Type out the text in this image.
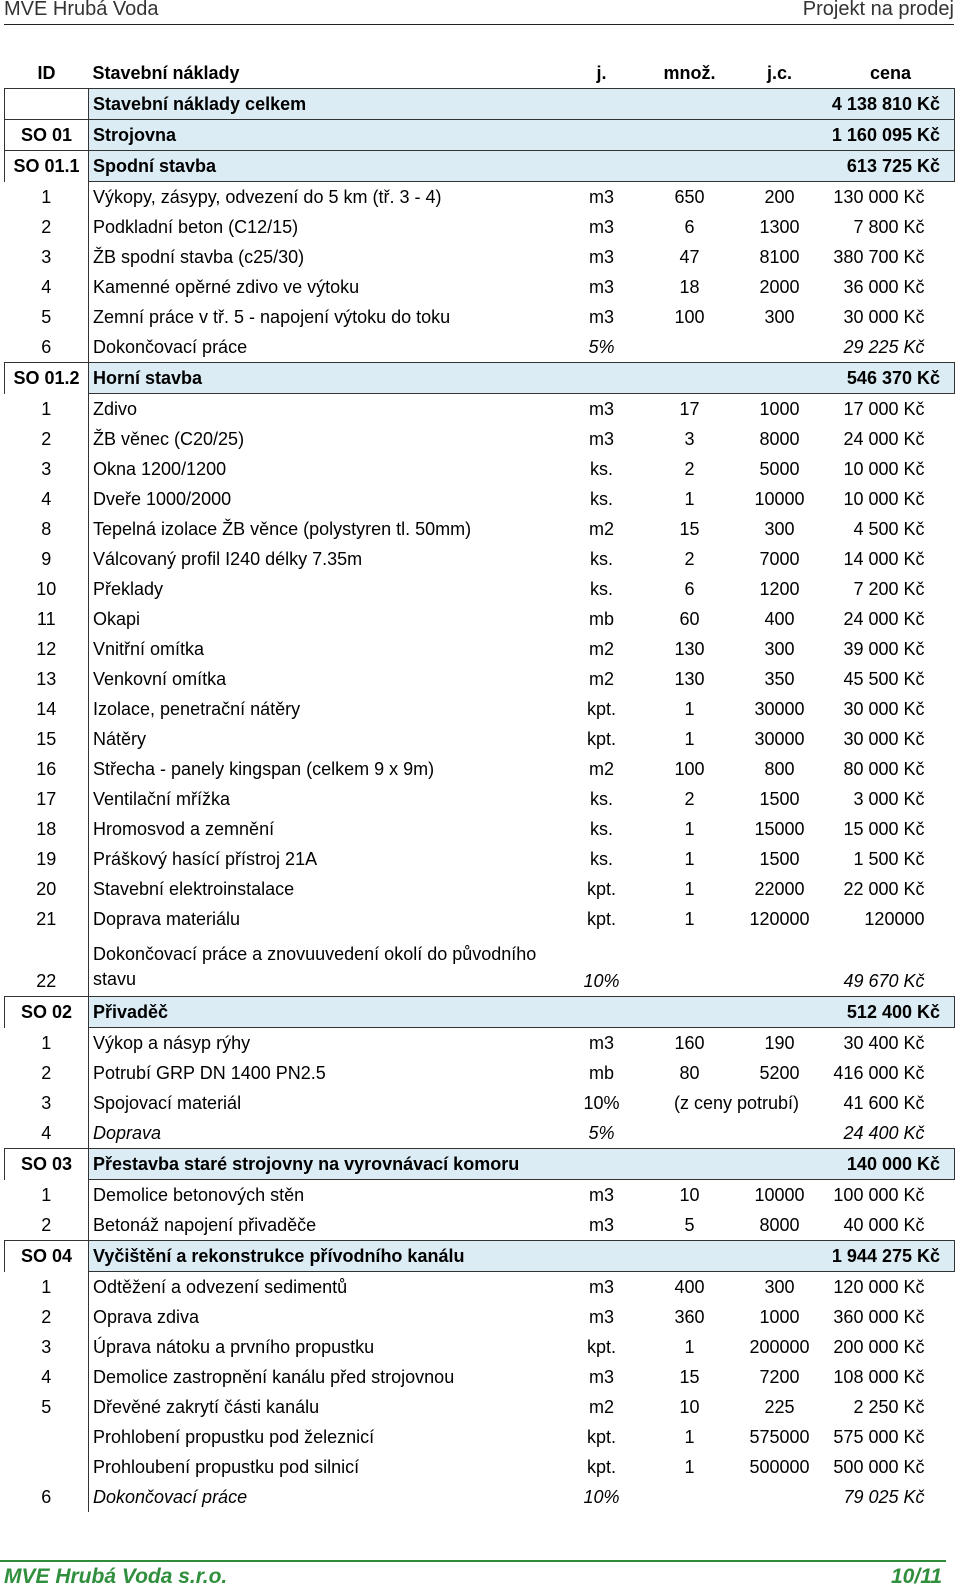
MVE Hrubá Voda	Projekt na prodej
ID	Stavební náklady	j.	množ.	j.c.	cena
	Stavební náklady celkem				4 138 810 Kč
SO 01	Strojovna				1 160 095 Kč
SO 01.1	Spodní stavba				613 725 Kč
1	Výkopy, zásypy, odvezení do 5 km (tř. 3 - 4)	m3	650	200	130 000 Kč
2	Podkladní beton (C12/15)	m3	6	1300	7 800 Kč
3	ŽB spodní stavba (c25/30)	m3	47	8100	380 700 Kč
4	Kamenné opěrné zdivo ve výtoku	m3	18	2000	36 000 Kč
5	Zemní práce v tř. 5 - napojení výtoku do toku	m3	100	300	30 000 Kč
6	Dokončovací práce	5%			29 225 Kč
SO 01.2	Horní stavba				546 370 Kč
1	Zdivo	m3	17	1000	17 000 Kč
2	ŽB věnec (C20/25)	m3	3	8000	24 000 Kč
3	Okna 1200/1200	ks.	2	5000	10 000 Kč
4	Dveře 1000/2000	ks.	1	10000	10 000 Kč
8	Tepelná izolace ŽB věnce (polystyren tl. 50mm)	m2	15	300	4 500 Kč
9	Válcovaný profil I240 délky 7.35m	ks.	2	7000	14 000 Kč
10	Překlady	ks.	6	1200	7 200 Kč
11	Okapi	mb	60	400	24 000 Kč
12	Vnitřní omítka	m2	130	300	39 000 Kč
13	Venkovní omítka	m2	130	350	45 500 Kč
14	Izolace, penetrační nátěry	kpt.	1	30000	30 000 Kč
15	Nátěry	kpt.	1	30000	30 000 Kč
16	Střecha - panely kingspan (celkem 9 x 9m)	m2	100	800	80 000 Kč
17	Ventilační mřížka	ks.	2	1500	3 000 Kč
18	Hromosvod a zemnění	ks.	1	15000	15 000 Kč
19	Práškový hasící přístroj 21A	ks.	1	1500	1 500 Kč
20	Stavební elektroinstalace	kpt.	1	22000	22 000 Kč
21	Doprava materiálu	kpt.	1	120000	120000
22	Dokončovací práce a znovuuvedení okolí do původního stavu	10%			49 670 Kč
SO 02	Přivaděč				512 400 Kč
1	Výkop a násyp rýhy	m3	160	190	30 400 Kč
2	Potrubí GRP DN 1400 PN2.5	mb	80	5200	416 000 Kč
3	Spojovací materiál	10%	(z ceny potrubí)		41 600 Kč
4	Doprava	5%			24 400 Kč
SO 03	Přestavba staré strojovny na vyrovnávací komoru				140 000 Kč
1	Demolice betonových stěn	m3	10	10000	100 000 Kč
2	Betonáž napojení přivaděče	m3	5	8000	40 000 Kč
SO 04	Vyčištění a rekonstrukce přívodního kanálu				1 944 275 Kč
1	Odtěžení a odvezení sedimentů	m3	400	300	120 000 Kč
2	Oprava zdiva	m3	360	1000	360 000 Kč
3	Úprava nátoku a prvního propustku	kpt.	1	200000	200 000 Kč
4	Demolice zastropnění kanálu před strojovnou	m3	15	7200	108 000 Kč
5	Dřevěné zakrytí části kanálu	m2	10	225	2 250 Kč
	Prohlobení propustku pod železnicí	kpt.	1	575000	575 000 Kč
	Prohloubení propustku pod silnicí	kpt.	1	500000	500 000 Kč
6	Dokončovací práce	10%			79 025 Kč
MVE Hrubá Voda s.r.o.	10/11
